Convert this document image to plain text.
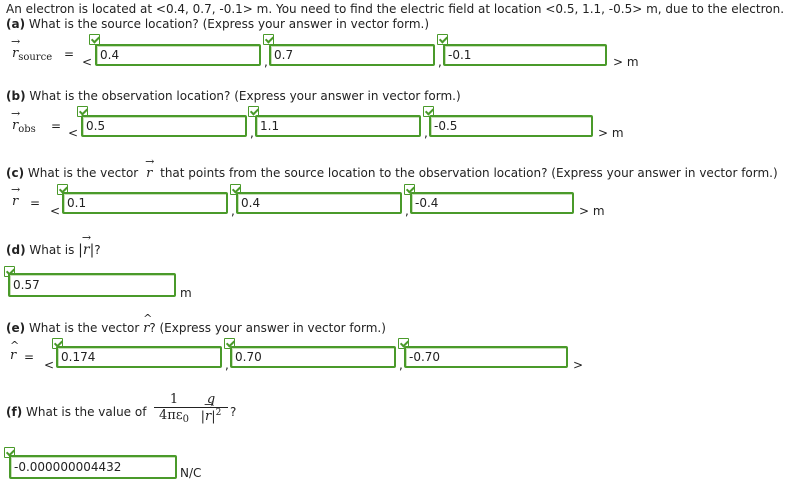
An electron is located at <0.4, 0.7, -0.1> m. You need to find the electric field at location <0.5, 1.1, -0.5> m, due to the electron.
(a) What is the source location? (Express your answer in vector form.)
→ $r_{source}$ =
<
0.4	,
0.7	,
-0.1	> m
(b) What is the observation location? (Express your answer in vector form.)
→ $r_{obs}$ = <
0.5	,
1.1	,
-0.5	> m
(c) What is the vector → r that points from the source location to the observation location? (Express your answer in vector form.)
→ r =
<
0.1	,
0.4	,
-0.4	> m
(d) What is |→ r|?
0.57
m
(e) What is the vector ^ r? (Express your answer in vector form.)
^ r =
<
0.174	,
0.70	,
-0.70	>
(f) What is the value of
1
$4\pi\varepsilon_0$
q
|→ $r|^2$ ?
-0.000000004432
N/C
